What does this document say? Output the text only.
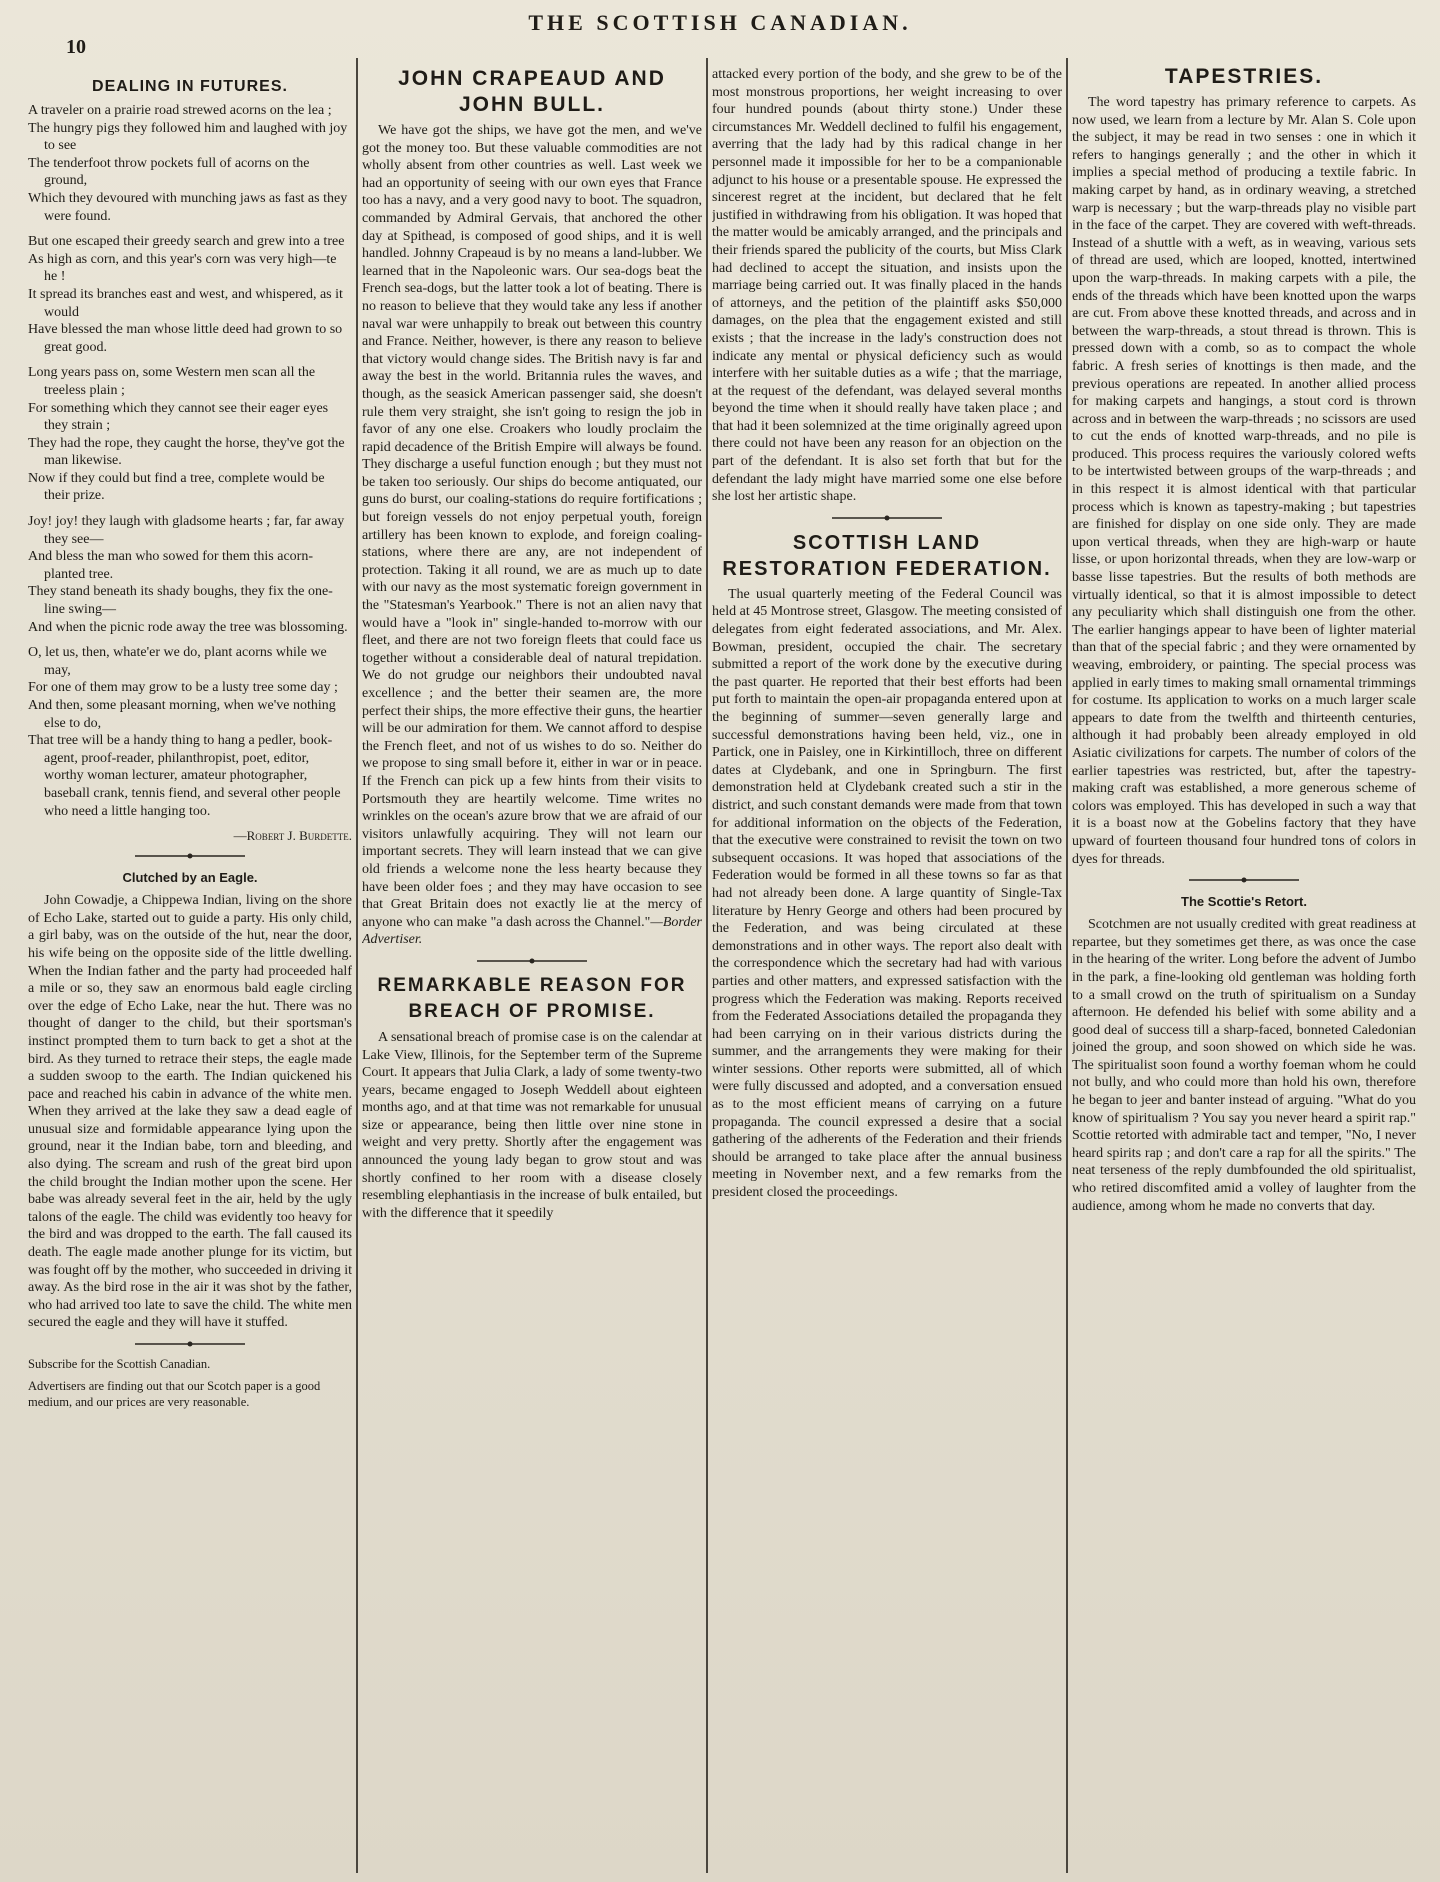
10
THE SCOTTISH CANADIAN.
DEALING IN FUTURES.
A traveler on a prairie road strewed acorns on the lea ;
The hungry pigs they followed him and laughed with joy to see
The tenderfoot throw pockets full of acorns on the ground,
Which they devoured with munching jaws as fast as they were found.
But one escaped their greedy search and grew into a tree
As high as corn, and this year's corn was very high—te he !
It spread its branches east and west, and whispered, as it would
Have blessed the man whose little deed had grown to so great good.
Long years pass on, some Western men scan all the treeless plain ;
For something which they cannot see their eager eyes they strain ;
They had the rope, they caught the horse, they've got the man likewise.
Now if they could but find a tree, complete would be their prize.
Joy! joy! they laugh with gladsome hearts ; far, far away they see—
And bless the man who sowed for them this acorn-planted tree.
They stand beneath its shady boughs, they fix the one-line swing—
And when the picnic rode away the tree was blossoming.
O, let us, then, whate'er we do, plant acorns while we may,
For one of them may grow to be a lusty tree some day ;
And then, some pleasant morning, when we've nothing else to do,
That tree will be a handy thing to hang a pedler, book-agent, proof-reader, philanthropist, poet, editor, worthy woman lecturer, amateur photographer, baseball crank, tennis fiend, and several other people who need a little hanging too.
—Robert J. Burdette.
Clutched by an Eagle.

John Cowadje, a Chippewa Indian, living on the shore of Echo Lake, started out to guide a party. His only child, a girl baby, was on the outside of the hut, near the door, his wife being on the opposite side of the little dwelling. When the Indian father and the party had proceeded half a mile or so, they saw an enormous bald eagle circling over the edge of Echo Lake, near the hut. There was no thought of danger to the child, but their sportsman's instinct prompted them to turn back to get a shot at the bird. As they turned to retrace their steps, the eagle made a sudden swoop to the earth. The Indian quickened his pace and reached his cabin in advance of the white men. When they arrived at the lake they saw a dead eagle of unusual size and formidable appearance lying upon the ground, near it the Indian babe, torn and bleeding, and also dying. The scream and rush of the great bird upon the child brought the Indian mother upon the scene. Her babe was already several feet in the air, held by the ugly talons of the eagle. The child was evidently too heavy for the bird and was dropped to the earth. The fall caused its death. The eagle made another plunge for its victim, but was fought off by the mother, who succeeded in driving it away. As the bird rose in the air it was shot by the father, who had arrived too late to save the child. The white men secured the eagle and they will have it stuffed.

Subscribe for the Scottish Canadian.

Advertisers are finding out that our Scotch paper is a good medium, and our prices are very reasonable.

JOHN CRAPEAUD AND JOHN BULL.

We have got the ships, we have got the men, and we've got the money too. But these valuable commodities are not wholly absent from other countries as well. Last week we had an opportunity of seeing with our own eyes that France too has a navy, and a very good navy to boot. The squadron, commanded by Admiral Gervais, that anchored the other day at Spithead, is composed of good ships, and it is well handled. Johnny Crapeaud is by no means a land-lubber. We learned that in the Napoleonic wars. Our sea-dogs beat the French sea-dogs, but the latter took a lot of beating. There is no reason to believe that they would take any less if another naval war were unhappily to break out between this country and France. Neither, however, is there any reason to believe that victory would change sides. The British navy is far and away the best in the world. Britannia rules the waves, and though, as the seasick American passenger said, she doesn't rule them very straight, she isn't going to resign the job in favor of any one else. Croakers who loudly proclaim the rapid decadence of the British Empire will always be found. They discharge a useful function enough ; but they must not be taken too seriously. Our ships do become antiquated, our guns do burst, our coaling-stations do require fortifications ; but foreign vessels do not enjoy perpetual youth, foreign artillery has been known to explode, and foreign coaling-stations, where there are any, are not independent of protection. Taking it all round, we are as much up to date with our navy as the most systematic foreign government in the "Statesman's Yearbook." There is not an alien navy that would have a "look in" single-handed to-morrow with our fleet, and there are not two foreign fleets that could face us together without a considerable deal of natural trepidation. We do not grudge our neighbors their undoubted naval excellence ; and the better their seamen are, the more perfect their ships, the more effective their guns, the heartier will be our admiration for them. We cannot afford to despise the French fleet, and not of us wishes to do so. Neither do we propose to sing small before it, either in war or in peace. If the French can pick up a few hints from their visits to Portsmouth they are heartily welcome. Time writes no wrinkles on the ocean's azure brow that we are afraid of our visitors unlawfully acquiring. They will not learn our important secrets. They will learn instead that we can give old friends a welcome none the less hearty because they have been older foes ; and they may have occasion to see that Great Britain does not exactly lie at the mercy of anyone who can make "a dash across the Channel."—Border Advertiser.

REMARKABLE REASON FOR BREACH OF PROMISE.

A sensational breach of promise case is on the calendar at Lake View, Illinois, for the September term of the Supreme Court. It appears that Julia Clark, a lady of some twenty-two years, became engaged to Joseph Weddell about eighteen months ago, and at that time was not remarkable for unusual size or appearance, being then little over nine stone in weight and very pretty. Shortly after the engagement was announced the young lady began to grow stout and was shortly confined to her room with a disease closely resembling elephantiasis in the increase of bulk entailed, but with the difference that it speedily

attacked every portion of the body, and she grew to be of the most monstrous proportions, her weight increasing to over four hundred pounds (about thirty stone.) Under these circumstances Mr. Weddell declined to fulfil his engagement, averring that the lady had by this radical change in her personnel made it impossible for her to be a companionable adjunct to his house or a presentable spouse. He expressed the sincerest regret at the incident, but declared that he felt justified in withdrawing from his obligation. It was hoped that the matter would be amicably arranged, and the principals and their friends spared the publicity of the courts, but Miss Clark had declined to accept the situation, and insists upon the marriage being carried out. It was finally placed in the hands of attorneys, and the petition of the plaintiff asks $50,000 damages, on the plea that the engagement existed and still exists ; that the increase in the lady's construction does not indicate any mental or physical deficiency such as would interfere with her suitable duties as a wife ; that the marriage, at the request of the defendant, was delayed several months beyond the time when it should really have taken place ; and that had it been solemnized at the time originally agreed upon there could not have been any reason for an objection on the part of the defendant. It is also set forth that but for the defendant the lady might have married some one else before she lost her artistic shape.

SCOTTISH LAND RESTORATION FEDERATION.

The usual quarterly meeting of the Federal Council was held at 45 Montrose street, Glasgow. The meeting consisted of delegates from eight federated associations, and Mr. Alex. Bowman, president, occupied the chair. The secretary submitted a report of the work done by the executive during the past quarter. He reported that their best efforts had been put forth to maintain the open-air propaganda entered upon at the beginning of summer—seven generally large and successful demonstrations having been held, viz., one in Partick, one in Paisley, one in Kirkintilloch, three on different dates at Clydebank, and one in Springburn. The first demonstration held at Clydebank created such a stir in the district, and such constant demands were made from that town for additional information on the objects of the Federation, that the executive were constrained to revisit the town on two subsequent occasions. It was hoped that associations of the Federation would be formed in all these towns so far as that had not already been done. A large quantity of Single-Tax literature by Henry George and others had been procured by the Federation, and was being circulated at these demonstrations and in other ways. The report also dealt with the correspondence which the secretary had had with various parties and other matters, and expressed satisfaction with the progress which the Federation was making. Reports received from the Federated Associations detailed the propaganda they had been carrying on in their various districts during the summer, and the arrangements they were making for their winter sessions. Other reports were submitted, all of which were fully discussed and adopted, and a conversation ensued as to the most efficient means of carrying on a future propaganda. The council expressed a desire that a social gathering of the adherents of the Federation and their friends should be arranged to take place after the annual business meeting in November next, and a few remarks from the president closed the proceedings.

TAPESTRIES.

The word tapestry has primary reference to carpets. As now used, we learn from a lecture by Mr. Alan S. Cole upon the subject, it may be read in two senses : one in which it refers to hangings generally ; and the other in which it implies a special method of producing a textile fabric. In making carpet by hand, as in ordinary weaving, a stretched warp is necessary ; but the warp-threads play no visible part in the face of the carpet. They are covered with weft-threads. Instead of a shuttle with a weft, as in weaving, various sets of thread are used, which are looped, knotted, intertwined upon the warp-threads. In making carpets with a pile, the ends of the threads which have been knotted upon the warps are cut. From above these knotted threads, and across and in between the warp-threads, a stout thread is thrown. This is pressed down with a comb, so as to compact the whole fabric. A fresh series of knottings is then made, and the previous operations are repeated. In another allied process for making carpets and hangings, a stout cord is thrown across and in between the warp-threads ; no scissors are used to cut the ends of knotted warp-threads, and no pile is produced. This process requires the variously colored wefts to be intertwisted between groups of the warp-threads ; and in this respect it is almost identical with that particular process which is known as tapestry-making ; but tapestries are finished for display on one side only. They are made upon vertical threads, when they are high-warp or haute lisse, or upon horizontal threads, when they are low-warp or basse lisse tapestries. But the results of both methods are virtually identical, so that it is almost impossible to detect any peculiarity which shall distinguish one from the other. The earlier hangings appear to have been of lighter material than that of the special fabric ; and they were ornamented by weaving, embroidery, or painting. The special process was applied in early times to making small ornamental trimmings for costume. Its application to works on a much larger scale appears to date from the twelfth and thirteenth centuries, although it had probably been already employed in old Asiatic civilizations for carpets. The number of colors of the earlier tapestries was restricted, but, after the tapestry-making craft was established, a more generous scheme of colors was employed. This has developed in such a way that it is a boast now at the Gobelins factory that they have upward of fourteen thousand four hundred tons of colors in dyes for threads.

The Scottie's Retort.

Scotchmen are not usually credited with great readiness at repartee, but they sometimes get there, as was once the case in the hearing of the writer. Long before the advent of Jumbo in the park, a fine-looking old gentleman was holding forth to a small crowd on the truth of spiritualism on a Sunday afternoon. He defended his belief with some ability and a good deal of success till a sharp-faced, bonneted Caledonian joined the group, and soon showed on which side he was. The spiritualist soon found a worthy foeman whom he could not bully, and who could more than hold his own, therefore he began to jeer and banter instead of arguing. "What do you know of spiritualism ? You say you never heard a spirit rap." Scottie retorted with admirable tact and temper, "No, I never heard spirits rap ; and don't care a rap for all the spirits." The neat terseness of the reply dumbfounded the old spiritualist, who retired discomfited amid a volley of laughter from the audience, among whom he made no converts that day.
